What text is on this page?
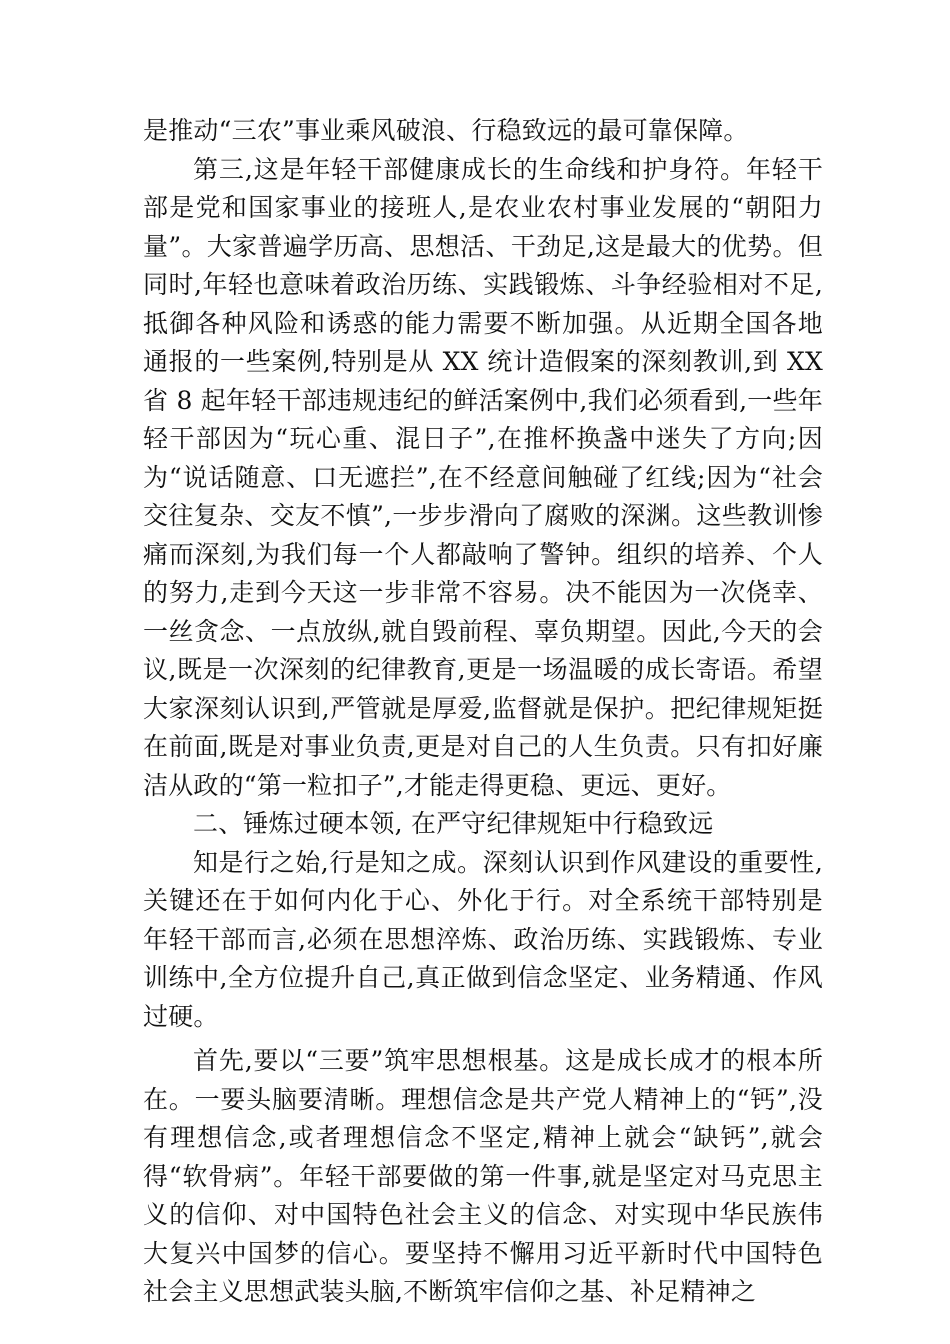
是推动“三农”事业乘风破浪、行稳致远的最可靠保障。

第三,这是年轻干部健康成长的生命线和护身符。年轻干部是党和国家事业的接班人,是农业农村事业发展的“朝阳力量”。大家普遍学历高、思想活、干劲足,这是最大的优势。但同时,年轻也意味着政治历练、实践锻炼、斗争经验相对不足,抵御各种风险和诱惑的能力需要不断加强。从近期全国各地通报的一些案例,特别是从 XX 统计造假案的深刻教训,到 XX 省 8 起年轻干部违规违纪的鲜活案例中,我们必须看到,一些年轻干部因为“玩心重、混日子”,在推杯换盏中迷失了方向;因为“说话随意、口无遮拦”,在不经意间触碰了红线;因为“社会交往复杂、交友不慎”,一步步滑向了腐败的深渊。这些教训惨痛而深刻,为我们每一个人都敲响了警钟。组织的培养、个人的努力,走到今天这一步非常不容易。决不能因为一次侥幸、一丝贪念、一点放纵,就自毁前程、辜负期望。因此,今天的会议,既是一次深刻的纪律教育,更是一场温暖的成长寄语。希望大家深刻认识到,严管就是厚爱,监督就是保护。把纪律规矩挺在前面,既是对事业负责,更是对自己的人生负责。只有扣好廉洁从政的“第一粒扣子”,才能走得更稳、更远、更好。

二、锤炼过硬本领, 在严守纪律规矩中行稳致远

知是行之始,行是知之成。深刻认识到作风建设的重要性,关键还在于如何内化于心、外化于行。对全系统干部特别是年轻干部而言,必须在思想淬炼、政治历练、实践锻炼、专业训练中,全方位提升自己,真正做到信念坚定、业务精通、作风过硬。

首先,要以“三要”筑牢思想根基。这是成长成才的根本所在。一要头脑要清晰。理想信念是共产党人精神上的“钙”,没有理想信念,或者理想信念不坚定,精神上就会“缺钙”,就会得“软骨病”。年轻干部要做的第一件事,就是坚定对马克思主义的信仰、对中国特色社会主义的信念、对实现中华民族伟大复兴中国梦的信心。要坚持不懈用习近平新时代中国特色社会主义思想武装头脑,不断筑牢信仰之基、补足精神之
